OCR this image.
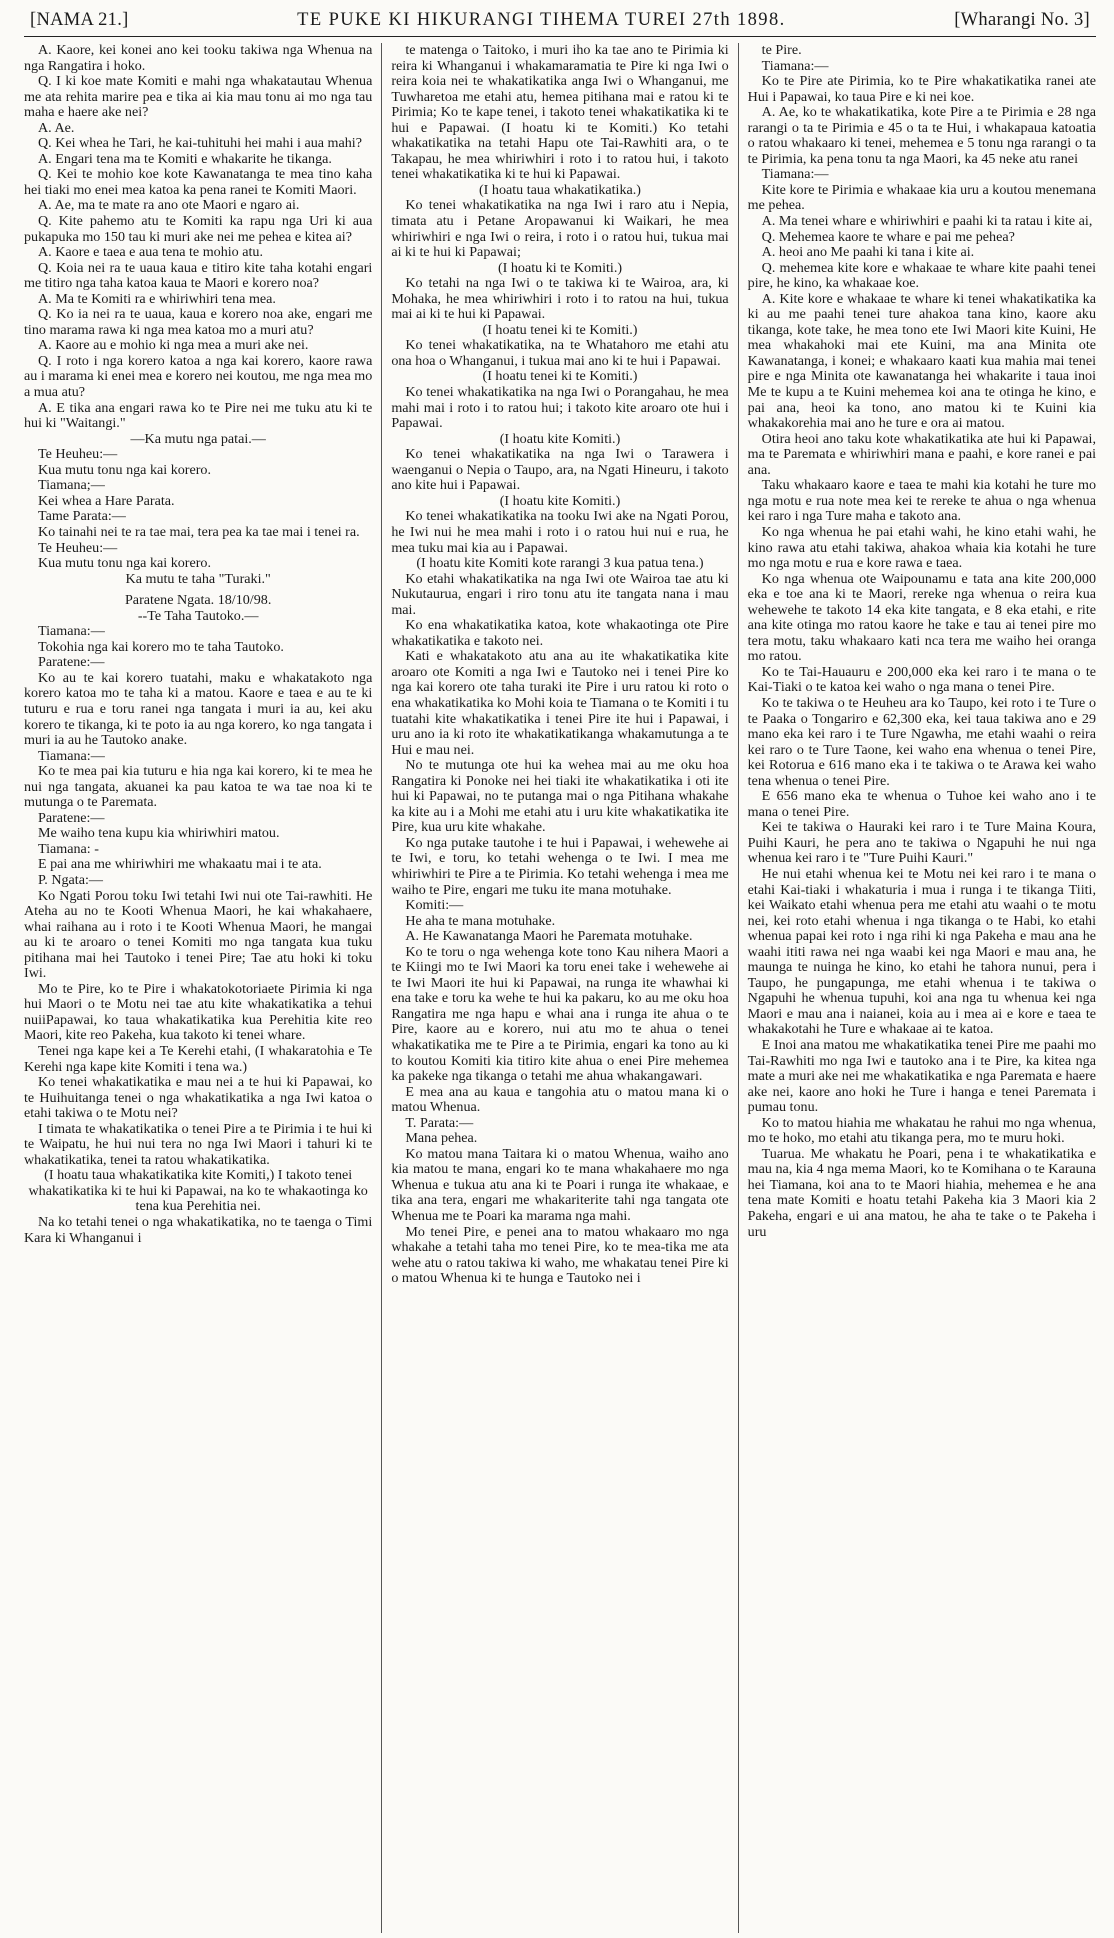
[NAMA 21.]	TE PUKE KI HIKURANGI TIHEMA TUREI 27th 1898.	[Wharangi No. 3]

A. Kaore, kei konei ano kei tooku takiwa nga Whenua na nga Rangatira i hoko.

Q. I ki koe mate Komiti e mahi nga whakatautau Whenua me ata rehita marire pea e tika ai kia mau tonu ai mo nga tau maha e haere ake nei?

A. Ae.

Q. Kei whea he Tari, he kai-tuhituhi hei mahi i aua mahi?

A. Engari tena ma te Komiti e whakarite he tikanga.

Q. Kei te mohio koe kote Kawanatanga te mea tino kaha hei tiaki mo enei mea katoa ka pena ranei te Komiti Maori.

A. Ae, ma te mate ra ano ote Maori e ngaro ai.

Q. Kite pahemo atu te Komiti ka rapu nga Uri ki aua pukapuka mo 150 tau ki muri ake nei me pehea e kitea ai?

A. Kaore e taea e aua tena te mohio atu.

Q. Koia nei ra te uaua kaua e titiro kite taha kotahi engari me titiro nga taha katoa kaua te Maori e korero noa?

A. Ma te Komiti ra e whiriwhiri tena mea.

Q. Ko ia nei ra te uaua, kaua e korero noa ake, engari me tino marama rawa ki nga mea katoa mo a muri atu?

A. Kaore au e mohio ki nga mea a muri ake nei.

Q. I roto i nga korero katoa a nga kai korero, kaore rawa au i marama ki enei mea e korero nei koutou, me nga mea mo a mua atu?

A. E tika ana engari rawa ko te Pire nei me tuku atu ki te hui ki "Waitangi."

—Ka mutu nga patai.—

Te Heuheu:—

Kua mutu tonu nga kai korero.

Tiamana;—

Kei whea a Hare Parata.

Tame Parata:—

Ko tainahi nei te ra tae mai, tera pea ka tae mai i tenei ra.

Te Heuheu:—

Kua mutu tonu nga kai korero.

Ka mutu te taha "Turaki."

Paratene Ngata. 18/10/98.

--Te Taha Tautoko.—

Tiamana:—

Tokohia nga kai korero mo te taha Tautoko.

Paratene:—

Ko au te kai korero tuatahi, maku e whakatakoto nga korero katoa mo te taha ki a matou. Kaore e taea e au te ki tuturu e rua e toru ranei nga tangata i muri ia au, kei aku korero te tikanga, ki te poto ia au nga korero, ko nga tangata i muri ia au he Tautoko anake.

Tiamana:—

Ko te mea pai kia tuturu e hia nga kai korero, ki te mea he nui nga tangata, akuanei ka pau katoa te wa tae noa ki te mutunga o te Paremata.

Paratene:—

Me waiho tena kupu kia whiriwhiri matou.

Tiamana: -

E pai ana me whiriwhiri me whakaatu mai i te ata.

P. Ngata:—

Ko Ngati Porou toku Iwi tetahi Iwi nui ote Tai-rawhiti. He Ateha au no te Kooti Whenua Maori, he kai whakahaere, whai raihana au i roto i te Kooti Whenua Maori, he mangai au ki te aroaro o tenei Komiti mo nga tangata kua tuku pitihana mai hei Tautoko i tenei Pire; Tae atu hoki ki toku Iwi.

Mo te Pire, ko te Pire i whakatokotoriaete Pirimia ki nga hui Maori o te Motu nei tae atu kite whakatikatika a tehui nuiiPapawai, ko taua whakatikatika kua Perehitia kite reo Maori, kite reo Pakeha, kua takoto ki tenei whare.

Tenei nga kape kei a Te Kerehi etahi, (I whakaratohia e Te Kerehi nga kape kite Komiti i tena wa.)

Ko tenei whakatikatika e mau nei a te hui ki Papawai, ko te Huihuitanga tenei o nga whakatikatika a nga Iwi katoa o etahi takiwa o te Motu nei?

I timata te whakatikatika o tenei Pire a te Pirimia i te hui ki te Waipatu, he hui nui tera no nga Iwi Maori i tahuri ki te whakatikatika, tenei ta ratou whakatikatika.

(I hoatu taua whakatikatika kite Komiti,) I takoto tenei whakatikatika ki te hui ki Papawai, na ko te whakaotinga ko tena kua Perehitia nei.

Na ko tetahi tenei o nga whakatikatika, no te taenga o Timi Kara ki Whanganui i

te matenga o Taitoko, i muri iho ka tae ano te Pirimia ki reira ki Whanganui i whakamaramatia te Pire ki nga Iwi o reira koia nei te whakatikatika anga Iwi o Whanganui, me Tuwharetoa me etahi atu, hemea pitihana mai e ratou ki te Pirimia; Ko te kape tenei, i takoto tenei whakatikatika ki te hui e Papawai. (I hoatu ki te Komiti.) Ko tetahi whakatikatika na tetahi Hapu ote Tai-Rawhiti ara, o te Takapau, he mea whiriwhiri i roto i to ratou hui, i takoto tenei whakatikatika ki te hui ki Papawai.

(I hoatu taua whakatikatika.)

Ko tenei whakatikatika na nga Iwi i raro atu i Nepia, timata atu i Petane Aropawanui ki Waikari, he mea whiriwhiri e nga Iwi o reira, i roto i o ratou hui, tukua mai ai ki te hui ki Papawai;

(I hoatu ki te Komiti.)

Ko tetahi na nga Iwi o te takiwa ki te Wairoa, ara, ki Mohaka, he mea whiriwhiri i roto i to ratou na hui, tukua mai ai ki te hui ki Papawai.

(I hoatu tenei ki te Komiti.)

Ko tenei whakatikatika, na te Whatahoro me etahi atu ona hoa o Whanganui, i tukua mai ano ki te hui i Papawai.

(I hoatu tenei ki te Komiti.)

Ko tenei whakatikatika na nga Iwi o Porangahau, he mea mahi mai i roto i to ratou hui; i takoto kite aroaro ote hui i Papawai.

(I hoatu kite Komiti.)

Ko tenei whakatikatika na nga Iwi o Tarawera i waenganui o Nepia o Taupo, ara, na Ngati Hineuru, i takoto ano kite hui i Papawai.

(I hoatu kite Komiti.)

Ko tenei whakatikatika na tooku Iwi ake na Ngati Porou, he Iwi nui he mea mahi i roto i o ratou hui nui e rua, he mea tuku mai kia au i Papawai.

(I hoatu kite Komiti kote rarangi 3 kua patua tena.)

Ko etahi whakatikatika na nga Iwi ote Wairoa tae atu ki Nukutaurua, engari i riro tonu atu ite tangata nana i mau mai.

Ko ena whakatikatika katoa, kote whakaotinga ote Pire whakatikatika e takoto nei.

Kati e whakatakoto atu ana au ite whakatikatika kite aroaro ote Komiti a nga Iwi e Tautoko nei i tenei Pire ko nga kai korero ote taha turaki ite Pire i uru ratou ki roto o ena whakatikatika ko Mohi koia te Tiamana o te Komiti i tu tuatahi kite whakatikatika i tenei Pire ite hui i Papawai, i uru ano ia ki roto ite whakatikatikanga whakamutunga a te Hui e mau nei.

No te mutunga ote hui ka wehea mai au me oku hoa Rangatira ki Ponoke nei hei tiaki ite whakatikatika i oti ite hui ki Papawai, no te putanga mai o nga Pitihana whakahe ka kite au i a Mohi me etahi atu i uru kite whakatikatika ite Pire, kua uru kite whakahe.

Ko nga putake tautohe i te hui i Papawai, i wehewehe ai te Iwi, e toru, ko tetahi wehenga o te Iwi. I mea me whiriwhiri te Pire a te Pirimia. Ko tetahi wehenga i mea me waiho te Pire, engari me tuku ite mana motuhake.

Komiti:—

He aha te mana motuhake.

A. He Kawanatanga Maori he Paremata motuhake.

Ko te toru o nga wehenga kote tono Kau nihera Maori a te Kiingi mo te Iwi Maori ka toru enei take i wehewehe ai te Iwi Maori ite hui ki Papawai, na runga ite whawhai ki ena take e toru ka wehe te hui ka pakaru, ko au me oku hoa Rangatira me nga hapu e whai ana i runga ite ahua o te Pire, kaore au e korero, nui atu mo te ahua o tenei whakatikatika me te Pire a te Pirimia, engari ka tono au ki to koutou Komiti kia titiro kite ahua o enei Pire mehemea ka pakeke nga tikanga o tetahi me ahua whakangawari.

E mea ana au kaua e tangohia atu o matou mana ki o matou Whenua.

T. Parata:—

Mana pehea.

Ko matou mana Taitara ki o matou Whenua, waiho ano kia matou te mana, engari ko te mana whakahaere mo nga Whenua e tukua atu ana ki te Poari i runga ite whakaae, e tika ana tera, engari me whakariterite tahi nga tangata ote Whenua me te Poari ka marama nga mahi.

Mo tenei Pire, e penei ana to matou whakaaro mo nga whakahe a tetahi taha mo tenei Pire, ko te mea-tika me ata wehe atu o ratou takiwa ki waho, me whakatau tenei Pire ki o matou Whenua ki te hunga e Tautoko nei i

te Pire.

Tiamana:—

Ko te Pire ate Pirimia, ko te Pire whakatikatika ranei ate Hui i Papawai, ko taua Pire e ki nei koe.

A. Ae, ko te whakatikatika, kote Pire a te Pirimia e 28 nga rarangi o ta te Pirimia e 45 o ta te Hui, i whakapaua katoatia o ratou whakaaro ki tenei, mehemea e 5 tonu nga rarangi o ta te Pirimia, ka pena tonu ta nga Maori, ka 45 neke atu ranei

Tiamana:—

Kite kore te Pirimia e whakaae kia uru a koutou menemana me pehea.

A. Ma tenei whare e whiriwhiri e paahi ki ta ratau i kite ai,

Q. Mehemea kaore te whare e pai me pehea?

A. heoi ano Me paahi ki tana i kite ai.

Q. mehemea kite kore e whakaae te whare kite paahi tenei pire, he kino, ka whakaae koe.

A. Kite kore e whakaae te whare ki tenei whakatikatika ka ki au me paahi tenei ture ahakoa tana kino, kaore aku tikanga, kote take, he mea tono ete Iwi Maori kite Kuini, He mea whakahoki mai ete Kuini, ma ana Minita ote Kawanatanga, i konei; e whakaaro kaati kua mahia mai tenei pire e nga Minita ote kawanatanga hei whakarite i taua inoi Me te kupu a te Kuini mehemea koi ana te otinga he kino, e pai ana, heoi ka tono, ano matou ki te Kuini kia whakakorehia mai ano he ture e ora ai matou.

Otira heoi ano taku kote whakatikatika ate hui ki Papawai, ma te Paremata e whiriwhiri mana e paahi, e kore ranei e pai ana.

Taku whakaaro kaore e taea te mahi kia kotahi he ture mo nga motu e rua note mea kei te rereke te ahua o nga whenua kei raro i nga Ture maha e takoto ana.

Ko nga whenua he pai etahi wahi, he kino etahi wahi, he kino rawa atu etahi takiwa, ahakoa whaia kia kotahi he ture mo nga motu e rua e kore rawa e taea.

Ko nga whenua ote Waipounamu e tata ana kite 200,000 eka e toe ana ki te Maori, rereke nga whenua o reira kua wehewehe te takoto 14 eka kite tangata, e 8 eka etahi, e rite ana kite otinga mo ratou kaore he take e tau ai tenei pire mo tera motu, taku whakaaro kati nca tera me waiho hei oranga mo ratou.

Ko te Tai-Hauauru e 200,000 eka kei raro i te mana o te Kai-Tiaki o te katoa kei waho o nga mana o tenei Pire.

Ko te takiwa o te Heuheu ara ko Taupo, kei roto i te Ture o te Paaka o Tongariro e 62,300 eka, kei taua takiwa ano e 29 mano eka kei raro i te Ture Ngawha, me etahi waahi o reira kei raro o te Ture Taone, kei waho ena whenua o tenei Pire, kei Rotorua e 616 mano eka i te takiwa o te Arawa kei waho tena whenua o tenei Pire.

E 656 mano eka te whenua o Tuhoe kei waho ano i te mana o tenei Pire.

Kei te takiwa o Hauraki kei raro i te Ture Maina Koura, Puihi Kauri, he pera ano te takiwa o Ngapuhi he nui nga whenua kei raro i te "Ture Puihi Kauri."

He nui etahi whenua kei te Motu nei kei raro i te mana o etahi Kai-tiaki i whakaturia i mua i runga i te tikanga Tiiti, kei Waikato etahi whenua pera me etahi atu waahi o te motu nei, kei roto etahi whenua i nga tikanga o te Habi, ko etahi whenua papai kei roto i nga rihi ki nga Pakeha e mau ana he waahi ititi rawa nei nga waabi kei nga Maori e mau ana, he maunga te nuinga he kino, ko etahi he tahora nunui, pera i Taupo, he pungapunga, me etahi whenua i te takiwa o Ngapuhi he whenua tupuhi, koi ana nga tu whenua kei nga Maori e mau ana i naianei, koia au i mea ai e kore e taea te whakakotahi he Ture e whakaae ai te katoa.

E Inoi ana matou me whakatikatika tenei Pire me paahi mo Tai-Rawhiti mo nga Iwi e tautoko ana i te Pire, ka kitea nga mate a muri ake nei me whakatikatika e nga Paremata e haere ake nei, kaore ano hoki he Ture i hanga e tenei Paremata i pumau tonu.

Ko to matou hiahia me whakatau he rahui mo nga whenua, mo te hoko, mo etahi atu tikanga pera, mo te muru hoki.

Tuarua. Me whakatu he Poari, pena i te whakatikatika e mau na, kia 4 nga mema Maori, ko te Komihana o te Karauna hei Tiamana, koi ana to te Maori hiahia, mehemea e he ana tena mate Komiti e hoatu tetahi Pakeha kia 3 Maori kia 2 Pakeha, engari e ui ana matou, he aha te take o te Pakeha i uru
